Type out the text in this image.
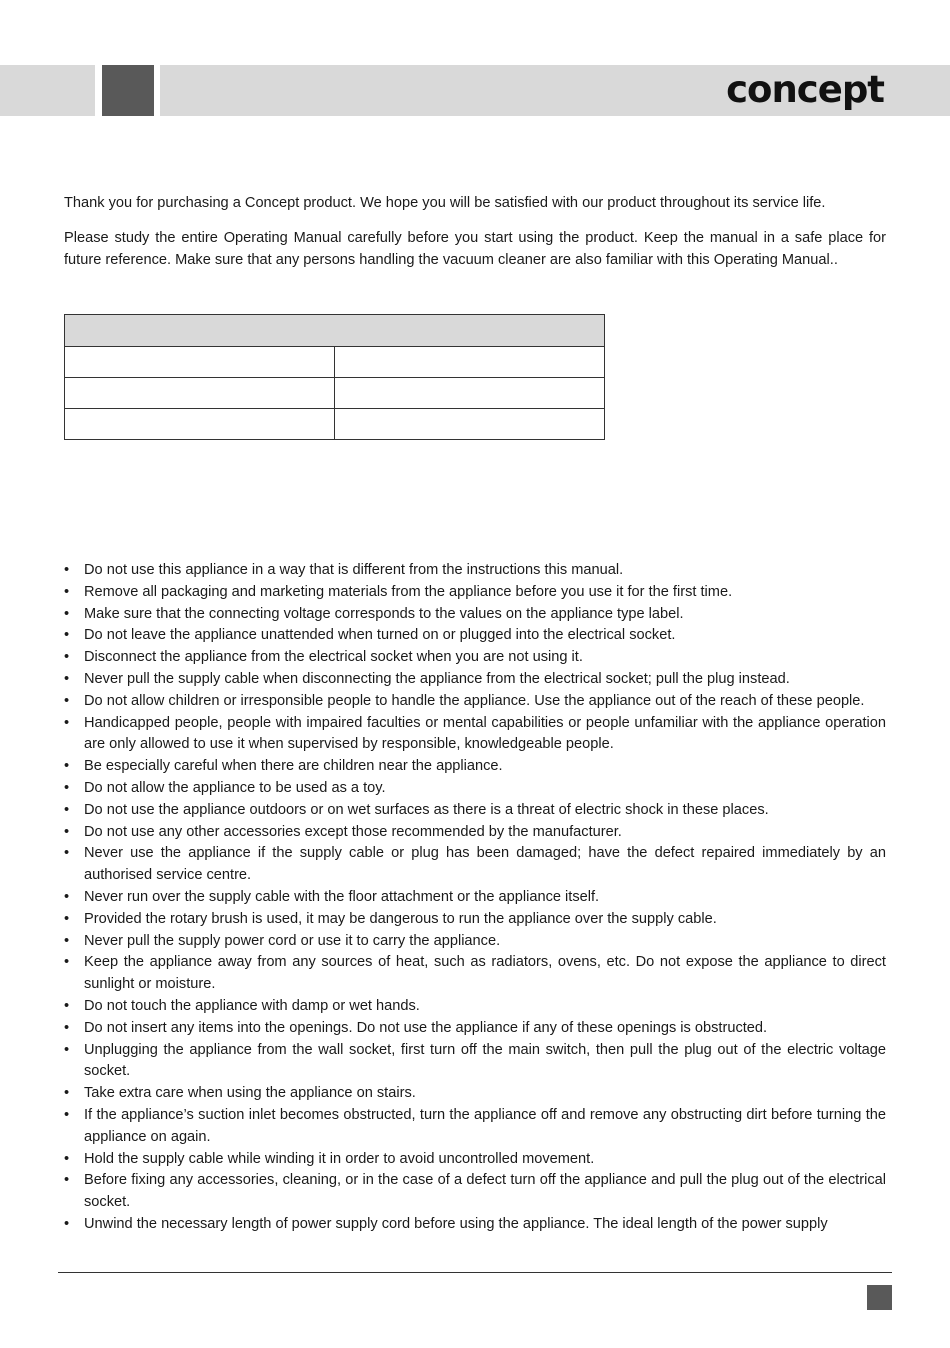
concept

Thank you for purchasing a Concept product. We hope you will be satisfied with our product throughout its service life.

Please study the entire Operating Manual carefully before you start using the product. Keep the manual in a safe place for future reference. Make sure that any persons handling the vacuum cleaner are also familiar with this Operating Manual..

• Do not use this appliance in a way that is different from the instructions this manual.
• Remove all packaging and marketing materials from the appliance before you use it for the first time.
• Make sure that the connecting voltage corresponds to the values on the appliance type label.
• Do not leave the appliance unattended when turned on or plugged into the electrical socket.
• Disconnect the appliance from the electrical socket when you are not using it.
• Never pull the supply cable when disconnecting the appliance from the electrical socket; pull the plug instead.
• Do not allow children or irresponsible people to handle the appliance. Use the appliance out of the reach of these people.
• Handicapped people, people with impaired faculties or mental capabilities or people unfamiliar with the appliance operation are only allowed to use it when supervised by responsible, knowledgeable people.
• Be especially careful when there are children near the appliance.
• Do not allow the appliance to be used as a toy.
• Do not use the appliance outdoors or on wet surfaces as there is a threat of electric shock in these places.
• Do not use any other accessories except those recommended by the manufacturer.
• Never use the appliance if the supply cable or plug has been damaged; have the defect repaired immediately by an authorised service centre.
• Never run over the supply cable with the floor attachment or the appliance itself.
• Provided the rotary brush is used, it may be dangerous to run the appliance over the supply cable.
• Never pull the supply power cord or use it to carry the appliance.
• Keep the appliance away from any sources of heat, such as radiators, ovens, etc. Do not expose the appliance to direct sunlight or moisture.
• Do not touch the appliance with damp or wet hands.
• Do not insert any items into the openings. Do not use the appliance if any of these openings is obstructed.
• Unplugging the appliance from the wall socket, first turn off the main switch, then pull the plug out of the electric voltage socket.
• Take extra care when using the appliance on stairs.
• If the appliance’s suction inlet becomes obstructed, turn the appliance off and remove any obstructing dirt before turning the appliance on again.
• Hold the supply cable while winding it in order to avoid uncontrolled movement.
• Before fixing any accessories, cleaning, or in the case of a defect turn off the appliance and pull the plug out of the electrical socket.
• Unwind the necessary length of power supply cord before using the appliance. The ideal length of the power supply
